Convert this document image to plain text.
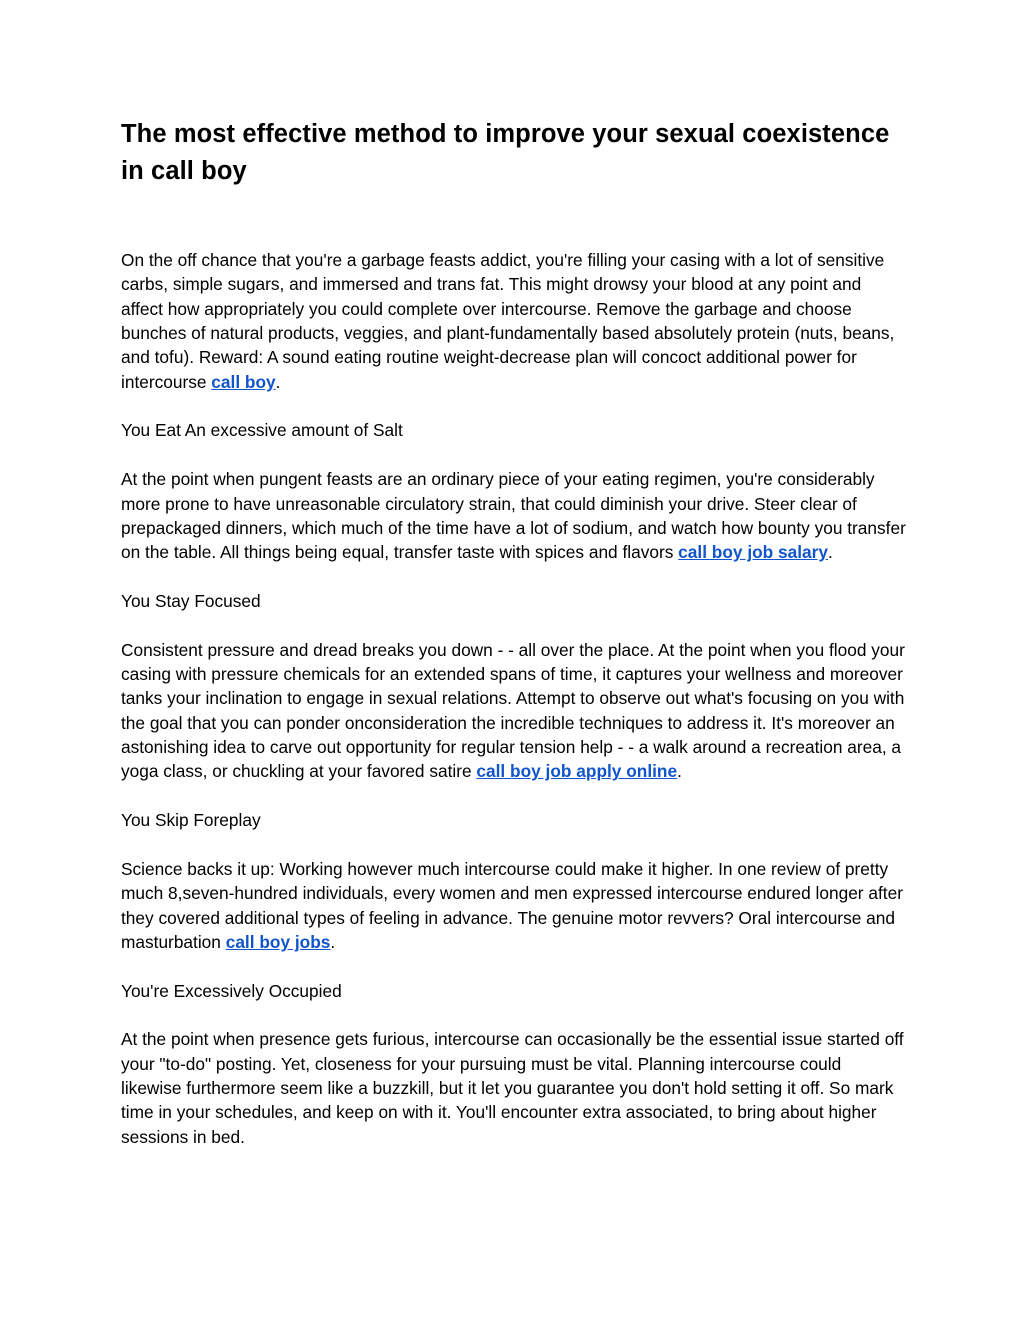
The most effective method to improve your sexual coexistence in call boy

On the off chance that you're a garbage feasts addict, you're filling your casing with a lot of sensitive carbs, simple sugars, and immersed and trans fat. This might drowsy your blood at any point and affect how appropriately you could complete over intercourse. Remove the garbage and choose bunches of natural products, veggies, and plant-fundamentally based absolutely protein (nuts, beans, and tofu). Reward: A sound eating routine weight-decrease plan will concoct additional power for intercourse call boy.

You Eat An excessive amount of Salt

At the point when pungent feasts are an ordinary piece of your eating regimen, you're considerably more prone to have unreasonable circulatory strain, that could diminish your drive. Steer clear of prepackaged dinners, which much of the time have a lot of sodium, and watch how bounty you transfer on the table. All things being equal, transfer taste with spices and flavors call boy job salary.

You Stay Focused

Consistent pressure and dread breaks you down - - all over the place. At the point when you flood your casing with pressure chemicals for an extended spans of time, it captures your wellness and moreover tanks your inclination to engage in sexual relations. Attempt to observe out what's focusing on you with the goal that you can ponder onconsideration the incredible techniques to address it. It's moreover an astonishing idea to carve out opportunity for regular tension help - - a walk around a recreation area, a yoga class, or chuckling at your favored satire call boy job apply online.

You Skip Foreplay

Science backs it up: Working however much intercourse could make it higher. In one review of pretty much 8,seven-hundred individuals, every women and men expressed intercourse endured longer after they covered additional types of feeling in advance. The genuine motor revvers? Oral intercourse and masturbation call boy jobs.

You're Excessively Occupied

At the point when presence gets furious, intercourse can occasionally be the essential issue started off your "to-do" posting. Yet, closeness for your pursuing must be vital. Planning intercourse could likewise furthermore seem like a buzzkill, but it let you guarantee you don't hold setting it off. So mark time in your schedules, and keep on with it. You'll encounter extra associated, to bring about higher sessions in bed.
